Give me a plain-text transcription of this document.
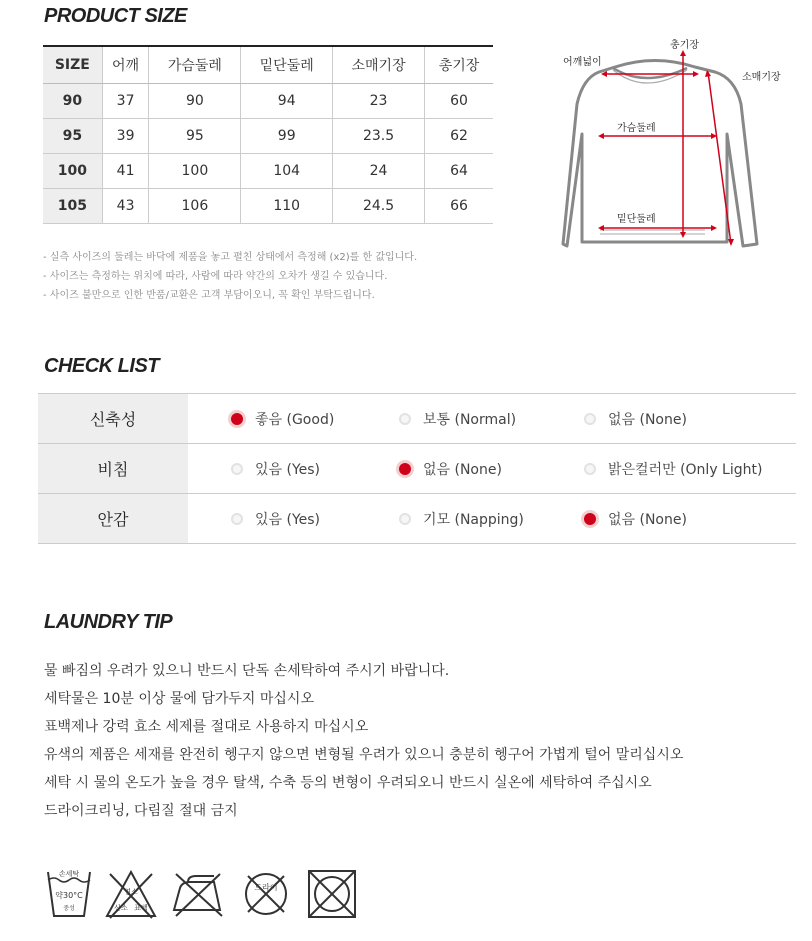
PRODUCT SIZE
SIZE	어깨	가슴둘레	밑단둘레	소매기장	총기장
90	37	90	94	23	60
95	39	95	99	23.5	62
100	41	100	104	24	64
105	43	106	110	24.5	66
- 실측 사이즈의 둘레는 바닥에 제품을 놓고 펼친 상태에서 측정해 (x2)를 한 값입니다.
- 사이즈는 측정하는 위치에 따라, 사람에 따라 약간의 오차가 생길 수 있습니다.
- 사이즈 불만으로 인한 반품/교환은 고객 부담이오니, 꼭 확인 부탁드립니다.
총기장
어깨넓이
소매기장
가슴둘레
밑단둘레
CHECK LIST
신축성	좋음 (Good)	보통 (Normal)	없음 (None)
비침	있음 (Yes)	없음 (None)	밝은컬러만 (Only Light)
안감	있음 (Yes)	기모 (Napping)	없음 (None)
LAUNDRY TIP
물 빠짐의 우려가 있으니 반드시 단독 손세탁하여 주시기 바랍니다.
세탁물은 10분 이상 물에 담가두지 마십시오
표백제나 강력 효소 세제를 절대로 사용하지 마십시오
유색의 제품은 세재를 완전히 헹구지 않으면 변형될 우려가 있으니 충분히 헹구어 가볍게 털어 말리십시오
세탁 시 물의 온도가 높을 경우 탈색, 수축 등의 변형이 우려되오니 반드시 실온에 세탁하여 주십시오
드라이크리닝, 다림질 절대 금지
손세탁
약30°C
중성
염소
산소 표백
드라이
